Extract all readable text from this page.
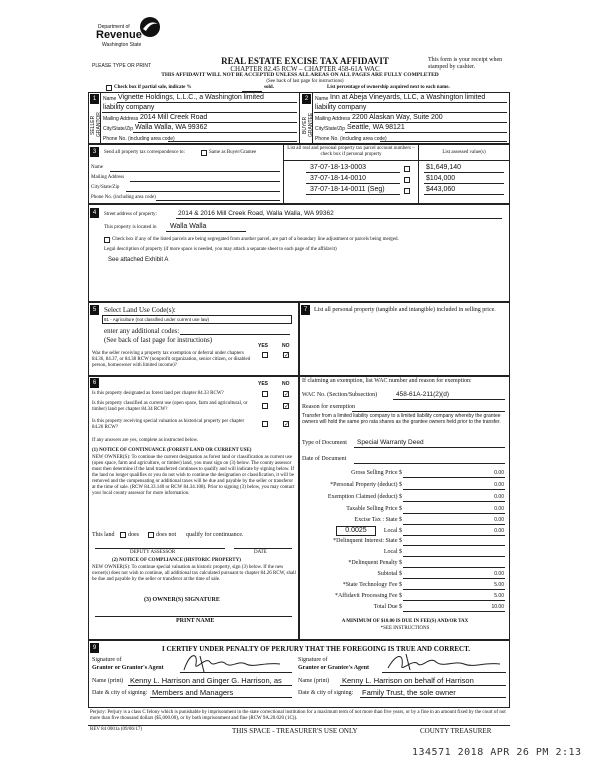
Department of
Revenue
Washington State
PLEASE TYPE OR PRINT	REAL ESTATE EXCISE TAX AFFIDAVIT
CHAPTER 82.45 RCW – CHAPTER 458-61A WAC
(See back of last page for instructions)
THIS AFFIDAVIT WILL NOT BE ACCEPTED UNLESS ALL AREAS ON ALL PAGES ARE FULLY COMPLETED
This form is your receipt when stamped by cashier.
Check box if partial sale, indicate %	sold.	List percentage of ownership acquired next to each name.
1
SELLER GRANTOR
Name Vignette Holdings, L.L.C., a Washington limited
liability company
Mailing Address 2014 Mill Creek Road
City/State/Zip Walla Walla, WA 99362
Phone No. (including area code)
2
BUYER GRANTEE
Name Inn at Abeja Vineyards, LLC, a Washington limited
liability company
Mailing Address 2200 Alaskan Way, Suite 200
City/State/Zip Seattle, WA 98121
Phone No. (including area code)
3	Send all property tax correspondence to:	Same as Buyer/Grantee
Name
Mailing Address
City/State/Zip
Phone No. (including area code)
List all real and personal property tax parcel account numbers – check box if personal property	List assessed value(s)
37-07-18-13-0003	$1,649,140
37-07-18-14-0010	$104,000
37-07-18-14-0011 (Seg)	$443,060
4	Street address of property:	2014 & 2016 Mill Creek Road, Walla Walla, WA 99362
This property is located in Walla Walla
Check box if any of the listed parcels are being segregated from another parcel, are part of a boundary line adjustment or parcels being merged.
Legal description of property (if more space is needed, you may attach a separate sheet to each page of the affidavit)
See attached Exhibit A
5	Select Land Use Code(s):
81 - Agriculture (not classified under current use law)
enter any additional codes:
(See back of last page for instructions)
YES	NO
Was the seller receiving a property tax exemption or deferral under chapters 84.36, 84.37, or 84.38 RCW (nonprofit organization, senior citizen, or disabled person, homeowner with limited income)?
✓
6	YES	NO
Is this property designated as forest land per chapter 84.33 RCW?	✓
Is this property classified as current use (open space, farm and agricultural, or timber) land per chapter 84.34 RCW?	✓
Is this property receiving special valuation as historical property per chapter 84.26 RCW?	✓
If any answers are yes, complete as instructed below.
(1) NOTICE OF CONTINUANCE (FOREST LAND OR CURRENT USE)
NEW OWNER(S): To continue the current designation as forest land or classification as current use (open space, farm and agriculture, or timber) land, you must sign on (3) below. The county assessor must then determine if the land transferred continues to qualify and will indicate by signing below. If the land no longer qualifies or you do not wish to continue the designation or classification, it will be removed and the compensating or additional taxes will be due and payable by the seller or transferor at the time of sale. (RCW 84.33.140 or RCW 84.34.108). Prior to signing (3) below, you may contact your local county assessor for more information.
This land does	does not qualify for continuance.
DEPUTY ASSESSOR	DATE
(2) NOTICE OF COMPLIANCE (HISTORIC PROPERTY)
NEW OWNER(S): To continue special valuation as historic property, sign (3) below. If the new owner(s) does not wish to continue, all additional tax calculated pursuant to chapter 84.26 RCW, shall be due and payable by the seller or transferor at the time of sale.
(3) OWNER(S) SIGNATURE
PRINT NAME
7	List all personal property (tangible and intangible) included in selling price.
If claiming an exemption, list WAC number and reason for exemption:
WAC No. (Section/Subsection)	458-61A-211(2)(d)
Reason for exemption
Transfer from a limited liability company to a limited liability company whereby the grantee owners will hold the same pro rata shares as the grantee owners held prior to the transfer.
Type of Document Special Warranty Deed
Date of Document
Gross Selling Price $	0.00
*Personal Property (deduct) $	0.00
Exemption Claimed (deduct) $	0.00
Taxable Selling Price $	0.00
Excise Tax : State $	0.00
0.0025	Local $	0.00
*Delinquent Interest: State $
Local $
*Delinquent Penalty $
Subtotal $	0.00
*State Technology Fee $	5.00
*Affidavit Processing Fee $	5.00
Total Due $	10.00
A MINIMUM OF $10.00 IS DUE IN FEE(S) AND/OR TAX
*SEE INSTRUCTIONS
9	I CERTIFY UNDER PENALTY OF PERJURY THAT THE FOREGOING IS TRUE AND CORRECT.
Signature of
Grantor or Grantor's Agent
Signature of
Grantee or Grantee's Agent
Name (print) Kenny L. Harrison and Ginger G. Harrison, as	Name (print) Kenny L. Harrison on behalf of Harrison
Date & city of signing: Members and Managers	Date & city of signing: Family Trust, the sole owner
Perjury: Perjury is a class C felony which is punishable by imprisonment in the state correctional institution for a maximum term of not more than five years, or by a fine in an amount fixed by the court of not more than five thousand dollars ($5,000.00), or by both imprisonment and fine (RCW 9A.20.020 (1C)).
REV 84 0001a (09/06/17)	THIS SPACE - TREASURER'S USE ONLY	COUNTY TREASURER
134571 2018 APR 26 PM 2:13
